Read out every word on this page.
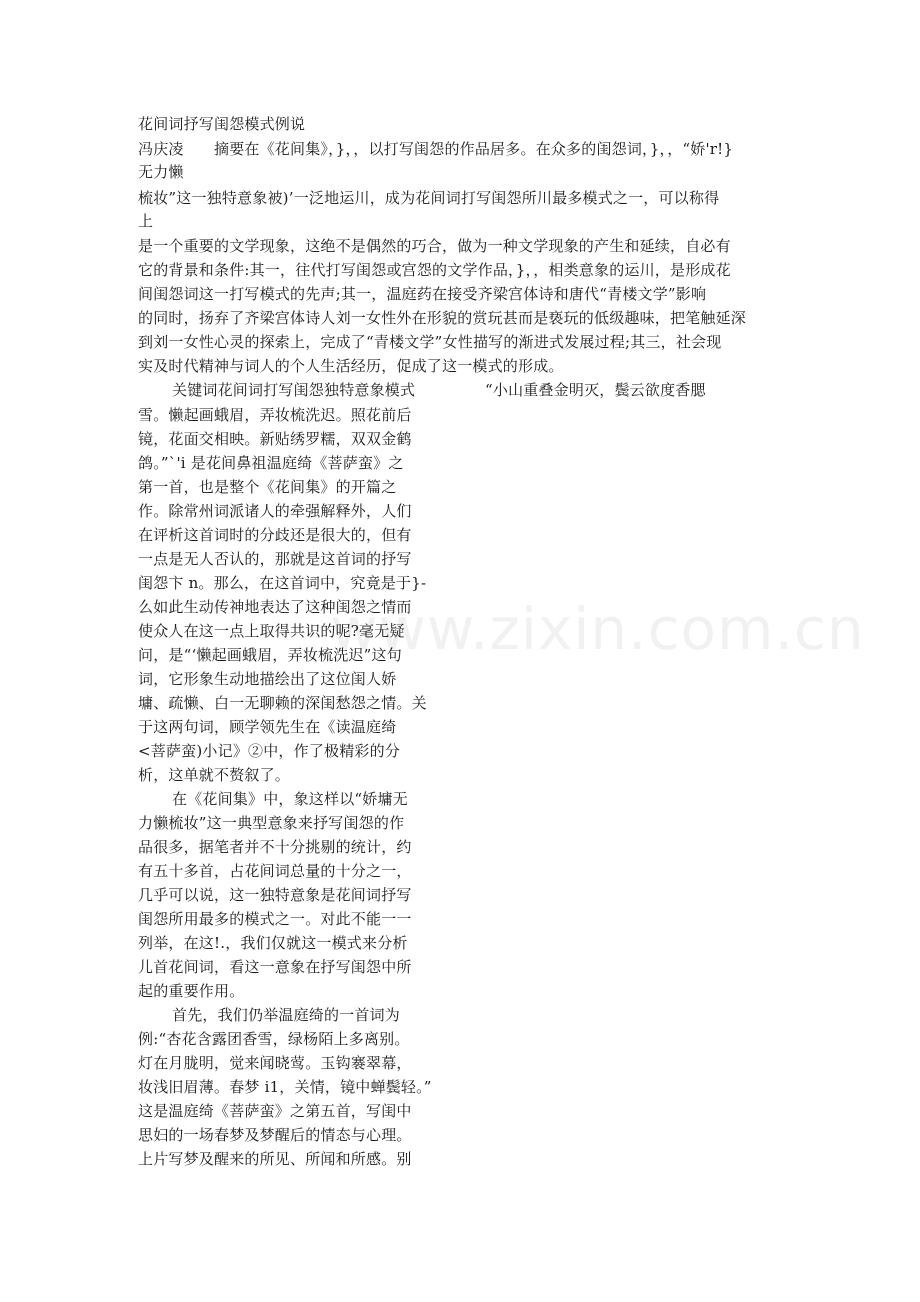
www.zixin.com.cn
花间词抒写闺怨模式例说
冯庆凌　　摘要在《花间集》，}，，以打写闺怨的作品居多。在众多的闺怨词，}，，“娇'r!}
无力懒
梳妆”这一独特意象被)’一泛地运川，成为花间词打写闺怨所川最多模式之一，可以称得
上
是一个重要的文学现象，这绝不是偶然的巧合，做为一种文学现象的产生和延续，自必有
它的背景和条件:其一，往代打写闺怨或宫怨的文学作品，}，，相类意象的运川，是形成花
间闺怨词这一打写模式的先声;其一，温庭药在接受齐梁宫体诗和唐代“青楼文学”影响
的同时，扬弃了齐梁宫体诗人刘一女性外在形貌的赏玩甚而是亵玩的低级趣味，把笔触延深
到刘一女性心灵的探索上，完成了“青楼文学”女性描写的渐进式发展过程;其三，社会现
实及时代精神与词人的个人生活经历，促成了这一模式的形成。
“小山重叠金明灭，鬓云欲度香腮
关键词花间词打写闺怨独特意象模式
雪。懒起画蛾眉，弄妆梳洗迟。照花前后
镜，花面交相映。新贴绣罗糯，双双金鹤
鸽。”`'i 是花间鼻祖温庭绮《菩萨蛮》之
第一首，也是整个《花间集》的开篇之
作。除常州词派诸人的牵强解释外，人们
在评析这首词时的分歧还是很大的，但有
一点是无人否认的，那就是这首词的抒写
闺怨卞 n。那么，在这首词中，究竟是于}-
么如此生动传神地表达了这种闺怨之情而
使众人在这一点上取得共识的呢?毫无疑
问，是“‘懒起画蛾眉，弄妆梳洗迟”这句
词，它形象生动地描绘出了这位闺人娇
墉、疏懒、白一无聊赖的深闺愁怨之情。关
于这两句词，顾学领先生在《读温庭绮
<菩萨蛮)小记》②中，作了极精彩的分
析，这单就不赘叙了。
在《花间集》中，象这样以“娇墉无
力懒梳妆”这一典型意象来抒写闺怨的作
品很多，据笔者并不十分挑剔的统计，约
有五十多首，占花间词总量的十分之一，
几乎可以说，这一独特意象是花间词抒写
闺怨所用最多的模式之一。对此不能一一
列举，在这!.，我们仅就这一模式来分析
儿首花间词，看这一意象在抒写闺怨中所
起的重要作用。
首先，我们仍举温庭绮的一首词为
例:“杏花含露团香雪，绿杨陌上多离别。
灯在月胧明，觉来闻晓莺。玉钩褰翠幕，
妆浅旧眉薄。春梦 i1，关情，镜中蝉鬓轻。”
这是温庭绮《菩萨蛮》之第五首，写闺中
思妇的一场春梦及梦醒后的情态与心理。
上片写梦及醒来的所见、所闻和所感。别
